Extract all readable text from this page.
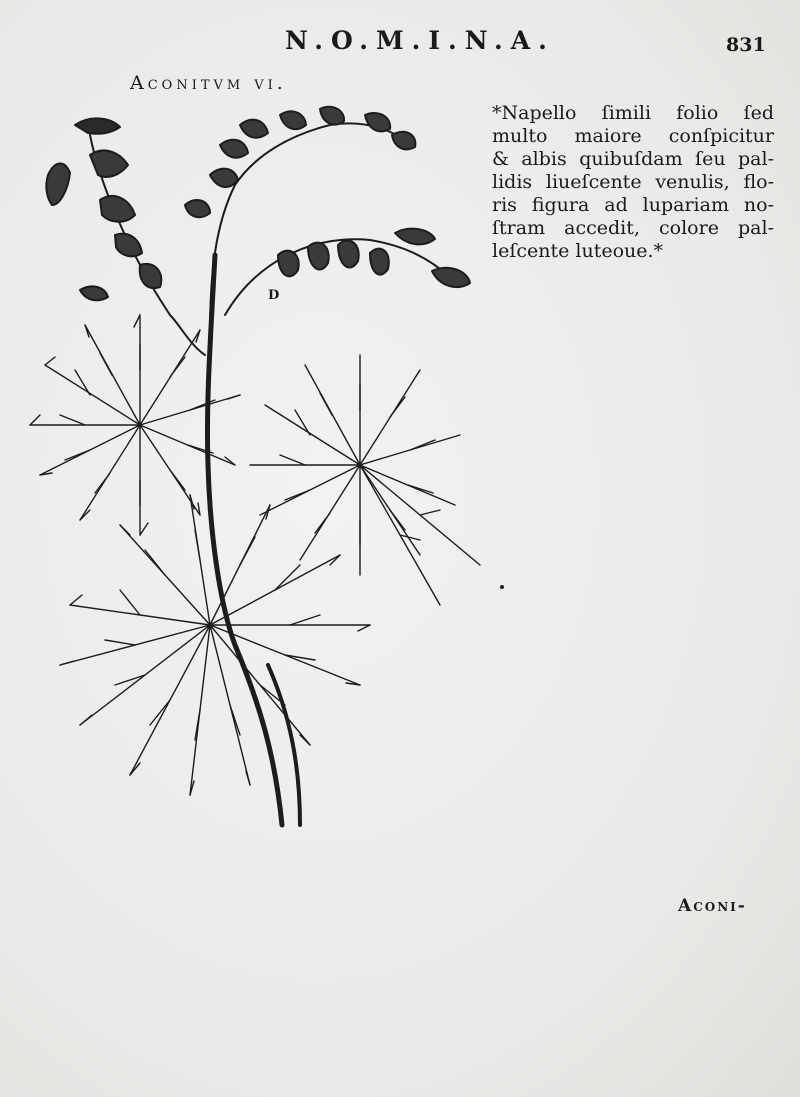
N.O.M.I.N.A.	831
Aconitvm vi.
D
*Napello ſimili folio ſed
multo maiore conſpicitur
& albis quibuſdam ſeu pal-
lidis liueſcente venulis, flo-
ris figura ad lupariam no-
ſtram accedit, colore pal-
leſcente luteoue.*
Aconi-
